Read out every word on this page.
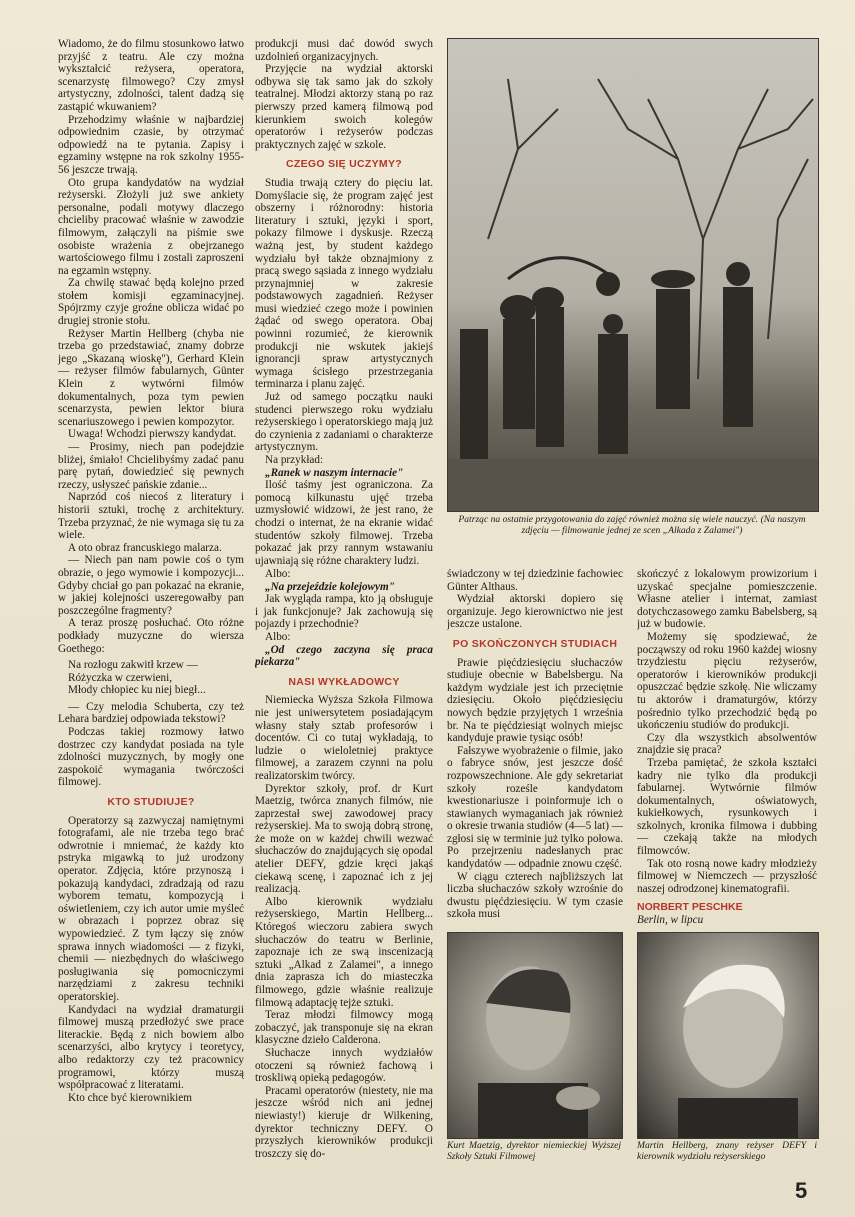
Wiadomo, że do filmu stosunkowo łatwo przyjść z teatru. Ale czy można wykształcić reżysera, operatora, scenarzystę filmowego? Czy zmysł artystyczny, zdolności, talent dadzą się zastąpić wkuwaniem?

Przehodzimy właśnie w najbardziej odpowiednim czasie, by otrzymać odpowiedź na te pytania. Zapisy i egzaminy wstępne na rok szkolny 1955-56 jeszcze trwają.

Oto grupa kandydatów na wydział reżyserski. Złożyli już swe ankiety personalne, podali motywy dlaczego chcieliby pracować właśnie w zawodzie filmowym, załączyli na piśmie swe osobiste wrażenia z obejrzanego wartościowego filmu i zostali zaproszeni na egzamin wstępny.

Za chwilę stawać będą kolejno przed stołem komisji egzaminacyjnej. Spójrzmy czyje groźne oblicza widać po drugiej stronie stołu.

Reżyser Martin Hellberg (chyba nie trzeba go przedstawiać, znamy dobrze jego „Skazaną wioskę"), Gerhard Klein — reżyser filmów fabularnych, Günter Klein z wytwórni filmów dokumentalnych, poza tym pewien scenarzysta, pewien lektor biura scenariuszowego i pewien kompozytor.

Uwaga! Wchodzi pierwszy kandydat.

— Prosimy, niech pan podejdzie bliżej, śmiało! Chcielibyśmy zadać panu parę pytań, dowiedzieć się pewnych rzeczy, usłyszeć pańskie zdanie...

Naprzód coś niecoś z literatury i historii sztuki, trochę z architektury. Trzeba przyznać, że nie wymaga się tu za wiele.

A oto obraz francuskiego malarza.

— Niech pan nam powie coś o tym obrazie, o jego wymowie i kompozycji... Gdyby chciał go pan pokazać na ekranie, w jakiej kolejności uszeregowałby pan poszczególne fragmenty?

A teraz proszę posłuchać. Oto różne podkłady muzyczne do wiersza Goethego:

Na rozłogu zakwitł krzew —

Różyczka w czerwieni,

Młody chłopiec ku niej biegł...

— Czy melodia Schuberta, czy też Lehara bardziej odpowiada tekstowi?

Podczas takiej rozmowy łatwo dostrzec czy kandydat posiada na tyle zdolności muzycznych, by mogły one zaspokoić wymagania twórczości filmowej.

KTO STUDIUJE?

Operatorzy są zazwyczaj namiętnymi fotografami, ale nie trzeba tego brać odwrotnie i mniemać, że każdy kto pstryka migawką to już urodzony operator. Zdjęcia, które przynoszą i pokazują kandydaci, zdradzają od razu wyborem tematu, kompozycją i oświetleniem, czy ich autor umie myśleć w obrazach i poprzez obraz się wypowiedzieć. Z tym łączy się znów sprawa innych wiadomości — z fizyki, chemii — niezbędnych do właściwego posługiwania się pomocniczymi narzędziami z zakresu techniki operatorskiej.

Kandydaci na wydział dramaturgii filmowej muszą przedłożyć swe prace literackie. Będą z nich bowiem albo scenarzyści, albo krytycy i teoretycy, albo redaktorzy czy też pracownicy programowi, którzy muszą współpracować z literatami.

Kto chce być kierownikiem

produkcji musi dać dowód swych uzdolnień organizacyjnych.

Przyjęcie na wydział aktorski odbywa się tak samo jak do szkoły teatralnej. Młodzi aktorzy staną po raz pierwszy przed kamerą filmową pod kierunkiem swoich kolegów operatorów i reżyserów podczas praktycznych zajęć w szkole.

CZEGO SIĘ UCZYMY?

Studia trwają cztery do pięciu lat. Domyślacie się, że program zajęć jest obszerny i różnorodny: historia literatury i sztuki, języki i sport, pokazy filmowe i dyskusje. Rzeczą ważną jest, by student każdego wydziału był także obznajmiony z pracą swego sąsiada z innego wydziału przynajmniej w zakresie podstawowych zagadnień. Reżyser musi wiedzieć czego może i powinien żądać od swego operatora. Obaj powinni rozumieć, że kierownik produkcji nie wskutek jakiejś ignorancji spraw artystycznych wymaga ścisłego przestrzegania terminarza i planu zajęć.

Już od samego początku nauki studenci pierwszego roku wydziału reżyserskiego i operatorskiego mają już do czynienia z zadaniami o charakterze artystycznym.

Na przykład:

„Ranek w naszym internacie"

Ilość taśmy jest ograniczona. Za pomocą kilkunastu ujęć trzeba uzmysłowić widzowi, że jest rano, że chodzi o internat, że na ekranie widać studentów szkoły filmowej. Trzeba pokazać jak przy rannym wstawaniu ujawniają się różne charaktery ludzi.

Albo:

„Na przejeździe kolejowym"

Jak wygląda rampa, kto ją obsługuje i jak funkcjonuje? Jak zachowują się pojazdy i przechodnie?

Albo:

„Od czego zaczyna się praca piekarza"

NASI WYKŁADOWCY

Niemiecka Wyższa Szkoła Filmowa nie jest uniwersytetem posiadającym własny stały sztab profesorów i docentów. Ci co tutaj wykładają, to ludzie o wieloletniej praktyce filmowej, a zarazem czynni na polu realizatorskim twórcy.

Dyrektor szkoły, prof. dr Kurt Maetzig, twórca znanych filmów, nie zaprzestał swej zawodowej pracy reżyserskiej. Ma to swoją dobrą stronę, że może on w każdej chwili wezwać słuchaczów do znajdujących się opodal atelier DEFY, gdzie kręci jakąś ciekawą scenę, i zapoznać ich z jej realizacją.

Albo kierownik wydziału reżyserskiego, Martin Hellberg... Któregoś wieczoru zabiera swych słuchaczów do teatru w Berlinie, zapoznaje ich ze swą inscenizacją sztuki „Alkad z Zalamei", a innego dnia zaprasza ich do miasteczka filmowego, gdzie właśnie realizuje filmową adaptację tejże sztuki.

Teraz młodzi filmowcy mogą zobaczyć, jak transponuje się na ekran klasyczne dzieło Calderona.

Słuchacze innych wydziałów otoczeni są również fachową i troskliwą opieką pedagogów.

Pracami operatorów (niestety, nie ma jeszcze wśród nich ani jednej niewiasty!) kieruje dr Wilkening, dyrektor techniczny DEFY. O przyszłych kierowników produkcji troszczy się do-

Patrząc na ostatnie przygotowania do zajęć również można się wiele nauczyć. (Na naszym zdjęciu — filmowanie jednej ze scen „Alkada z Zalamei")

świadczony w tej dziedzinie fachowiec Günter Althaus.

Wydział aktorski dopiero się organizuje. Jego kierownictwo nie jest jeszcze ustalone.

PO SKOŃCZONYCH STUDIACH

Prawie pięćdziesięciu słuchaczów studiuje obecnie w Babelsbergu. Na każdym wydziale jest ich przeciętnie dziesięciu. Około pięćdziesięciu nowych będzie przyjętych 1 września br. Na te pięćdziesiąt wolnych miejsc kandyduje prawie tysiąc osób!

Fałszywe wyobrażenie o filmie, jako o fabryce snów, jest jeszcze dość rozpowszechnione. Ale gdy sekretariat szkoły roześle kandydatom kwestionariusze i poinformuje ich o stawianych wymaganiach jak również o okresie trwania studiów (4—5 lat) — zgłosi się w terminie już tylko połowa. Po przejrzeniu nadesłanych prac kandydatów — odpadnie znowu część.

W ciągu czterech najbliższych lat liczba słuchaczów szkoły wzrośnie do dwustu pięćdziesięciu. W tym czasie szkoła musi

skończyć z lokalowym prowizorium i uzyskać specjalne pomieszczenie. Własne atelier i internat, zamiast dotychczasowego zamku Babelsberg, są już w budowie.

Możemy się spodziewać, że począwszy od roku 1960 każdej wiosny trzydziestu pięciu reżyserów, operatorów i kierowników produkcji opuszczać będzie szkołę. Nie wliczamy tu aktorów i dramaturgów, którzy pośrednio tylko przechodzić będą po ukończeniu studiów do produkcji.

Czy dla wszystkich absolwentów znajdzie się praca?

Trzeba pamiętać, że szkoła kształci kadry nie tylko dla produkcji fabularnej. Wytwórnie filmów dokumentalnych, oświatowych, kukiełkowych, rysunkowych i szkolnych, kronika filmowa i dubbing — czekają także na młodych filmowców.

Tak oto rosną nowe kadry młodzieży filmowej w Niemczech — przyszłość naszej odrodzonej kinematografii.

NORBERT PESCHKE

Berlin, w lipcu

Kurt Maetzig, dyrektor niemieckiej Wyższej Szkoły Sztuki Filmowej
Martin Hellberg, znany reżyser DEFY i kierownik wydziału reżyserskiego
5
